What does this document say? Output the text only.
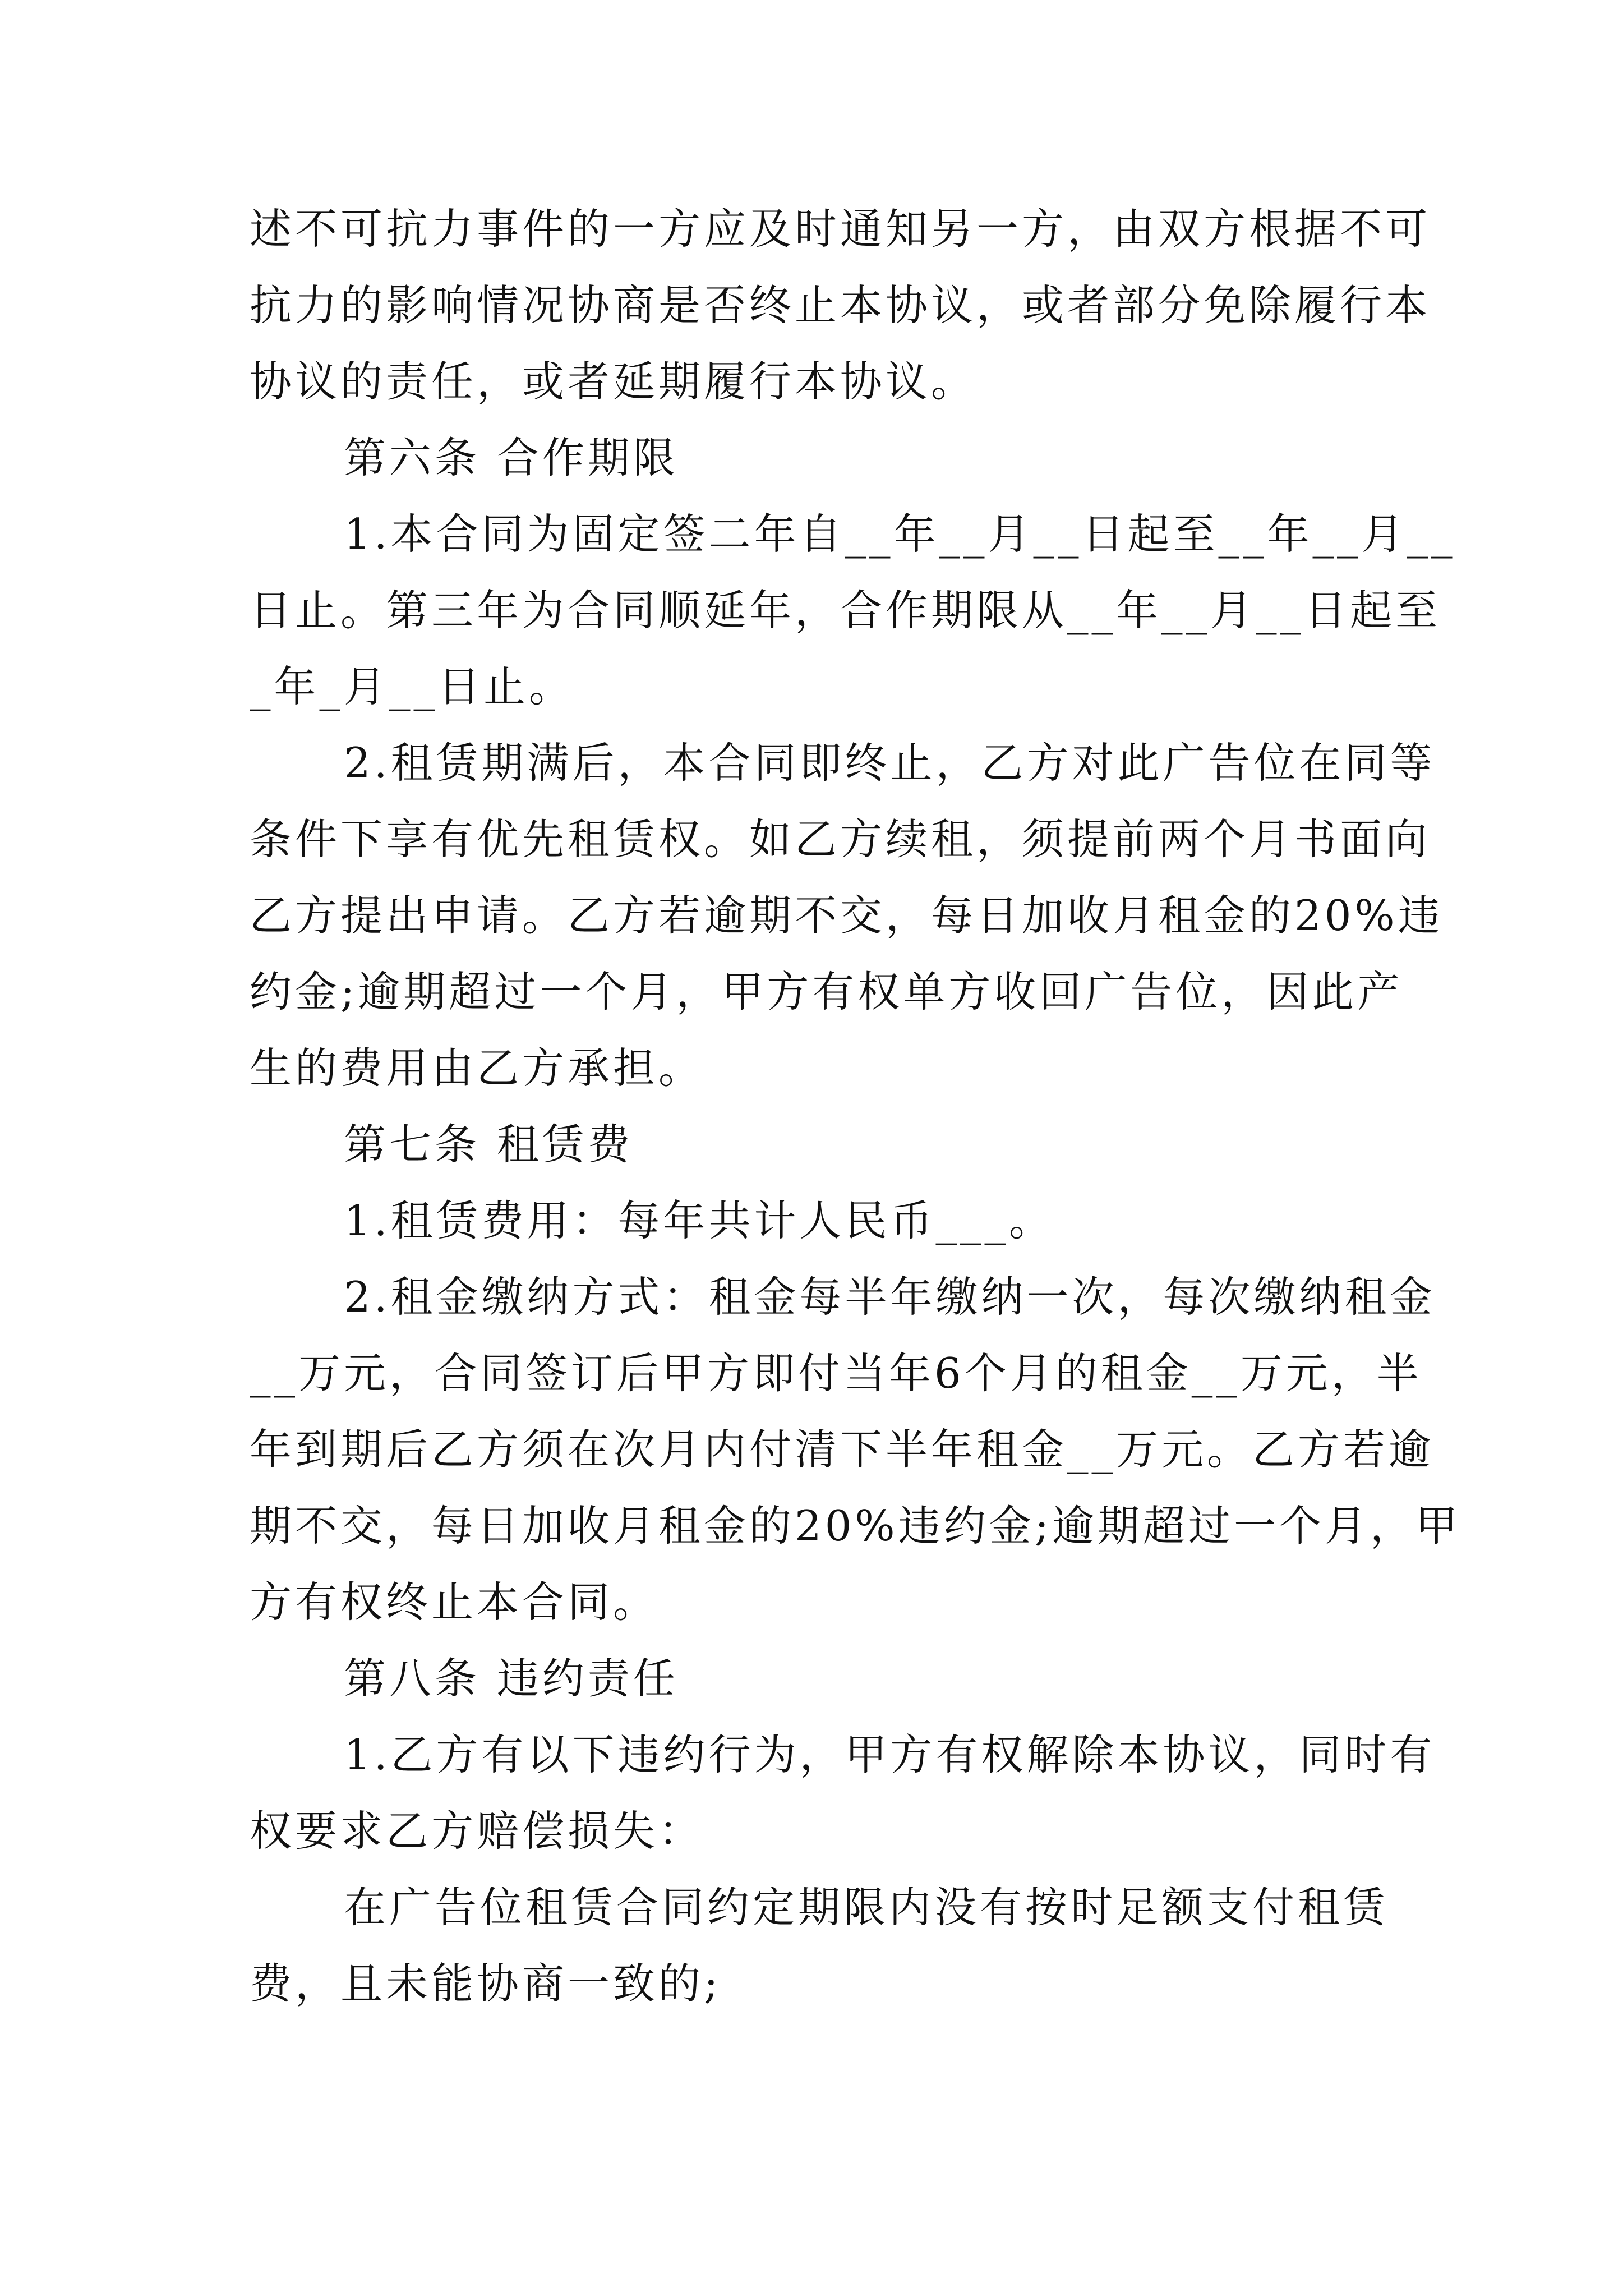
述不可抗力事件的一方应及时通知另一方，由双方根据不可
抗力的影响情况协商是否终止本协议，或者部分免除履行本
协议的责任，或者延期履行本协议。
第六条 合作期限
1.本合同为固定签二年自__年__月__日起至__年__月__
日止。第三年为合同顺延年，合作期限从__年__月__日起至
_年_月__日止。
2.租赁期满后，本合同即终止，乙方对此广告位在同等
条件下享有优先租赁权。如乙方续租，须提前两个月书面向
乙方提出申请。乙方若逾期不交，每日加收月租金的20%违
约金;逾期超过一个月，甲方有权单方收回广告位，因此产
生的费用由乙方承担。
第七条 租赁费
1.租赁费用：每年共计人民币___。
2.租金缴纳方式：租金每半年缴纳一次，每次缴纳租金
__万元，合同签订后甲方即付当年6个月的租金__万元，半
年到期后乙方须在次月内付清下半年租金__万元。乙方若逾
期不交，每日加收月租金的20%违约金;逾期超过一个月，甲
方有权终止本合同。
第八条 违约责任
1.乙方有以下违约行为，甲方有权解除本协议，同时有
权要求乙方赔偿损失：
在广告位租赁合同约定期限内没有按时足额支付租赁
费，且未能协商一致的;
